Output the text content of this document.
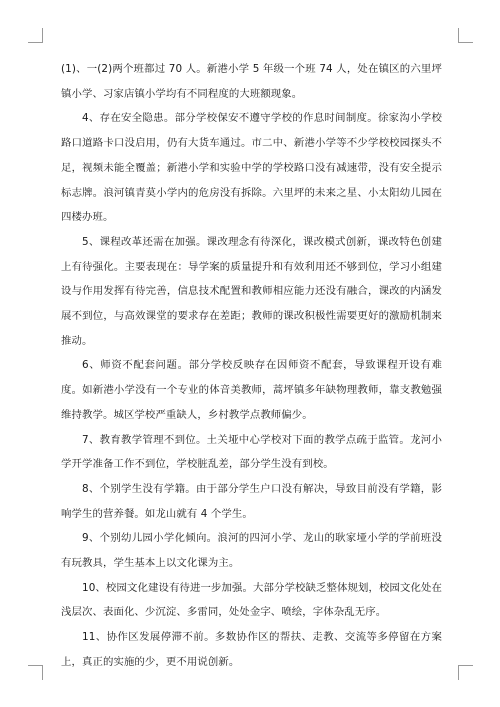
(1)、一(2)两个班都过 70 人。新港小学 5 年级一个班 74 人，处在镇区的六里坪镇小学、习家店镇小学均有不同程度的大班额现象。

4、存在安全隐患。部分学校保安不遵守学校的作息时间制度。徐家沟小学校路口道路卡口没启用，仍有大货车通过。市二中、新港小学等不少学校校园探头不足，视频未能全覆盖；新港小学和实验中学的学校路口没有减速带，没有安全提示标志牌。浪河镇青莫小学内的危房没有拆除。六里坪的未来之星、小太阳幼儿园在四楼办班。

5、课程改革还需在加强。课改理念有待深化，课改模式创新，课改特色创建上有待强化。主要表现在：导学案的质量提升和有效利用还不够到位，学习小组建设与作用发挥有待完善，信息技术配置和教师相应能力还没有融合，课改的内涵发展不到位，与高效课堂的要求存在差距；教师的课改积极性需要更好的激励机制来推动。

6、师资不配套问题。部分学校反映存在因师资不配套，导致课程开设有难度。如新港小学没有一个专业的体音美教师，蒿坪镇多年缺物理教师，靠支教勉强维持教学。城区学校严重缺人，乡村教学点教师偏少。

7、教育教学管理不到位。土关垭中心学校对下面的教学点疏于监管。龙河小学开学准备工作不到位，学校脏乱差，部分学生没有到校。

8、个别学生没有学籍。由于部分学生户口没有解决，导致目前没有学籍，影响学生的营养餐。如龙山就有 4 个学生。

9、个别幼儿园小学化倾向。浪河的四河小学、龙山的耿家垭小学的学前班没有玩教具，学生基本上以文化课为主。

10、校园文化建设有待进一步加强。大部分学校缺乏整体规划，校园文化处在浅层次、表面化、少沉淀、多雷同，处处金字、喷绘，字体杂乱无序。

11、协作区发展停滞不前。多数协作区的帮扶、走教、交流等多停留在方案上，真正的实施的少，更不用说创新。
